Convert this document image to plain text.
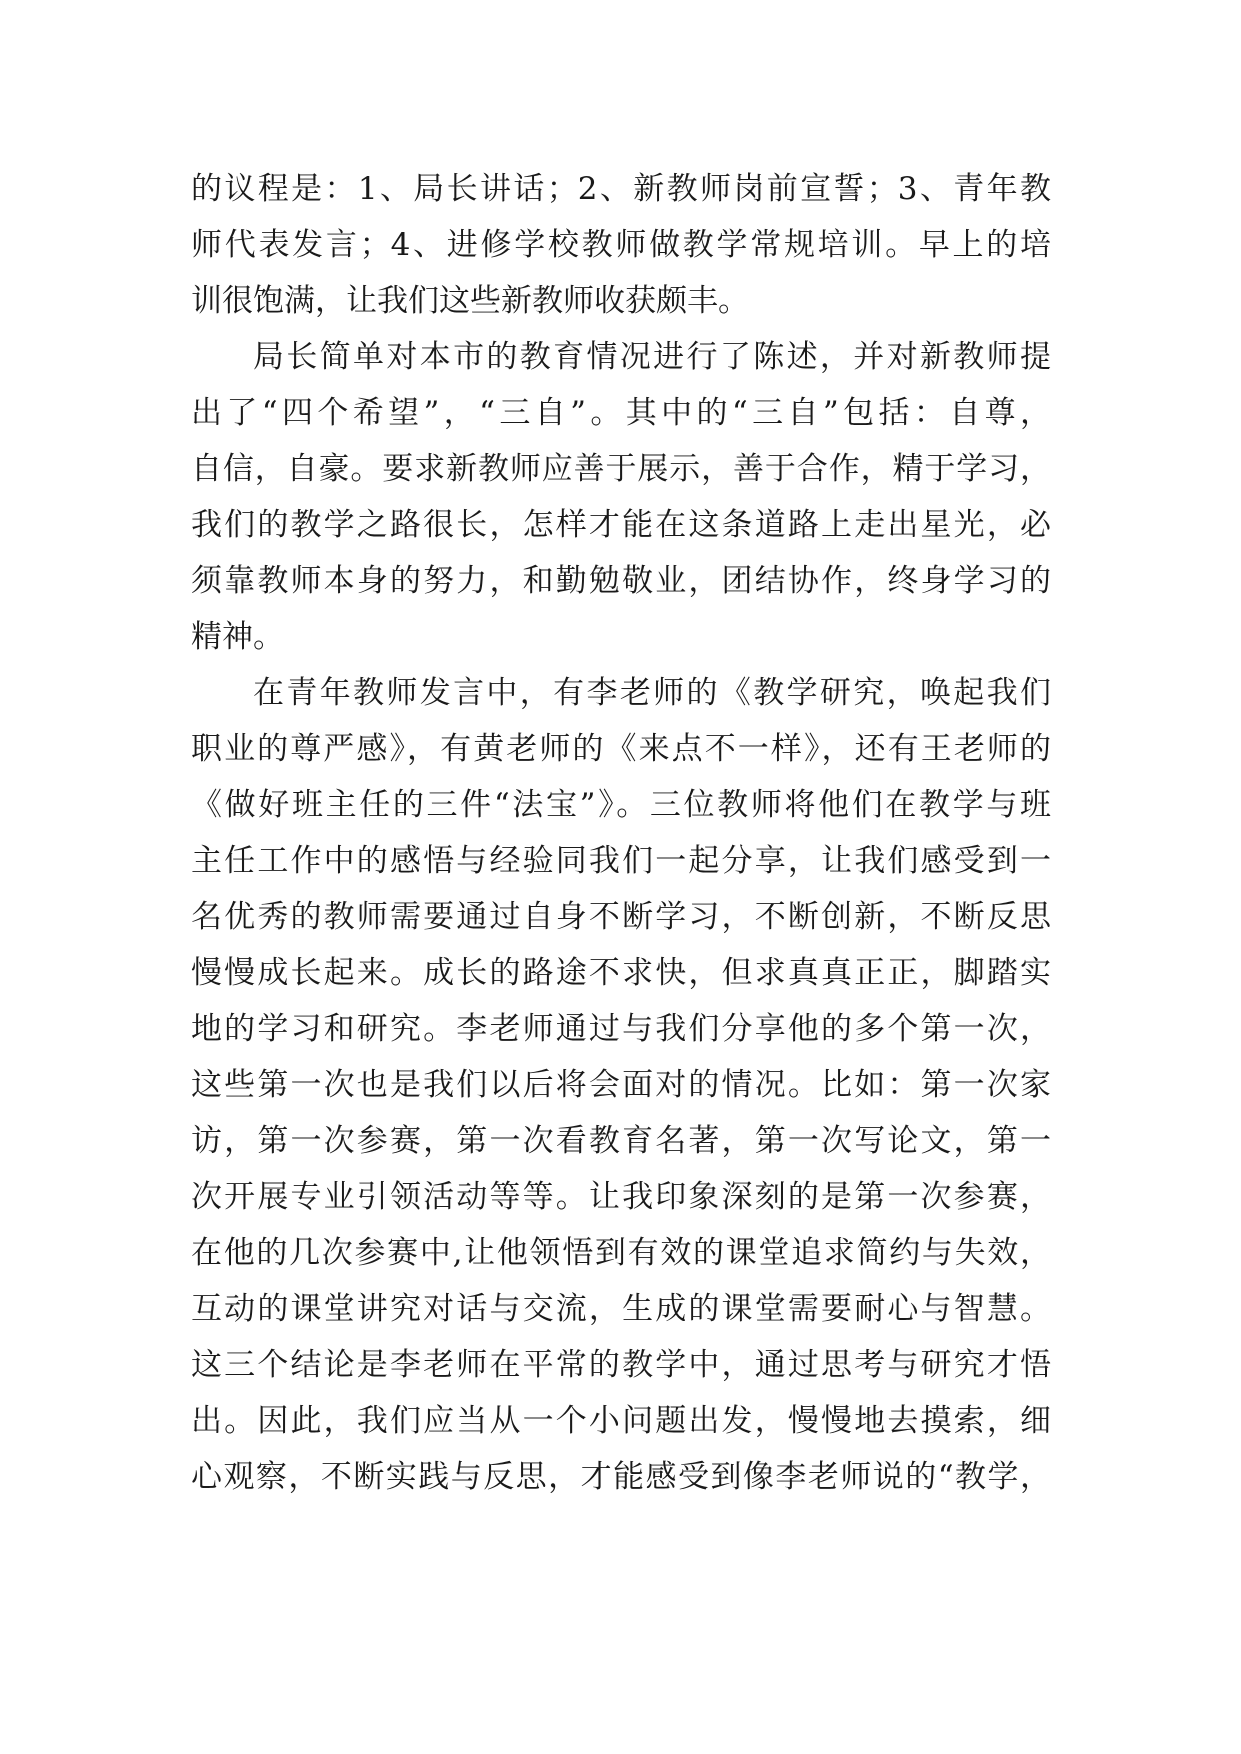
的议程是：1、局长讲话；2、新教师岗前宣誓；3、青年教
师代表发言；4、进修学校教师做教学常规培训。早上的培
训很饱满，让我们这些新教师收获颇丰。
局长简单对本市的教育情况进行了陈述，并对新教师提
出了“四个希望”，“三自”。其中的“三自”包括：自尊，
自信，自豪。要求新教师应善于展示，善于合作，精于学习，
我们的教学之路很长，怎样才能在这条道路上走出星光，必
须靠教师本身的努力，和勤勉敬业，团结协作，终身学习的
精神。
在青年教师发言中，有李老师的《教学研究，唤起我们
职业的尊严感》，有黄老师的《来点不一样》，还有王老师的
《做好班主任的三件“法宝”》。三位教师将他们在教学与班
主任工作中的感悟与经验同我们一起分享，让我们感受到一
名优秀的教师需要通过自身不断学习，不断创新，不断反思
慢慢成长起来。成长的路途不求快，但求真真正正，脚踏实
地的学习和研究。李老师通过与我们分享他的多个第一次，
这些第一次也是我们以后将会面对的情况。比如：第一次家
访，第一次参赛，第一次看教育名著，第一次写论文，第一
次开展专业引领活动等等。让我印象深刻的是第一次参赛，
在他的几次参赛中,让他领悟到有效的课堂追求简约与失效，
互动的课堂讲究对话与交流，生成的课堂需要耐心与智慧。
这三个结论是李老师在平常的教学中，通过思考与研究才悟
出。因此，我们应当从一个小问题出发，慢慢地去摸索，细
心观察，不断实践与反思，才能感受到像李老师说的“教学，
